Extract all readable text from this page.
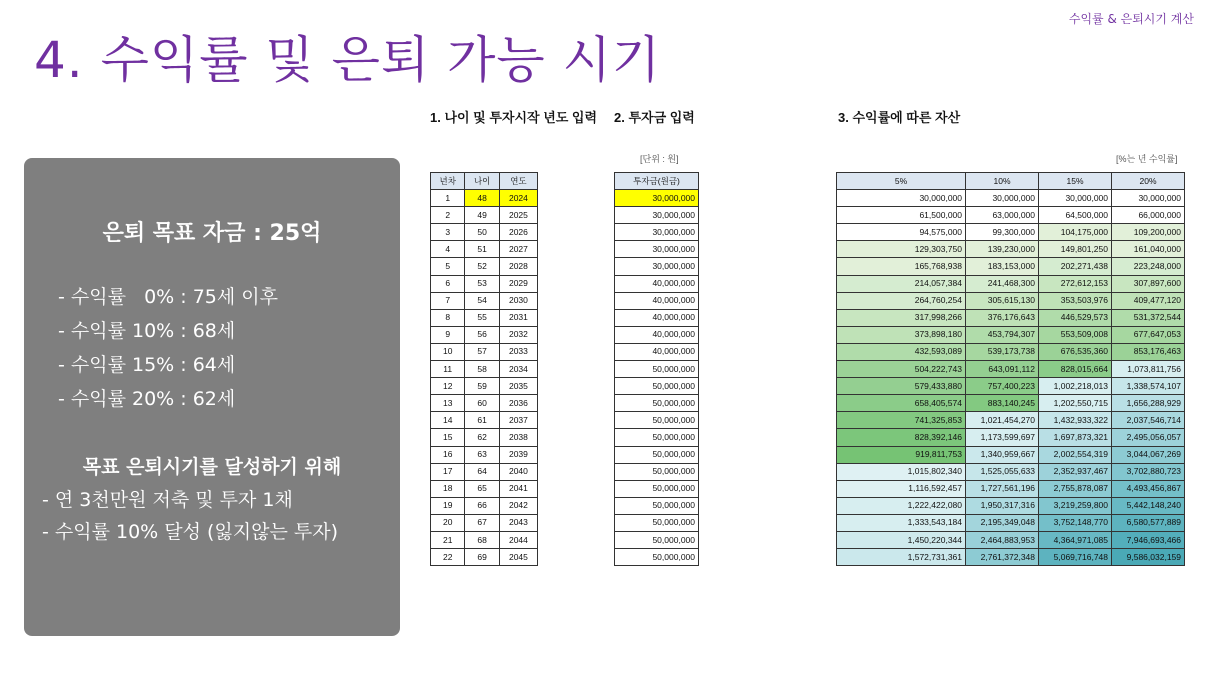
수익률 & 은퇴시기 계산
4. 수익률 및 은퇴 가능 시기
은퇴 목표 자금 : 25억
- 수익률   0% : 75세 이후
- 수익률 10% : 68세
- 수익률 15% : 64세
- 수익률 20% : 62세
목표 은퇴시기를 달성하기 위해
- 연 3천만원 저축 및 투자 1채
- 수익률 10% 달성 (잃지않는 투자)
1. 나이 및 투자시작 년도 입력 2. 투자금 입력	3. 수익률에 따른 자산
[단위 : 원]	[%는 년 수익률]
년차	나이	연도
1	48	2024
2	49	2025
3	50	2026
4	51	2027
5	52	2028
6	53	2029
7	54	2030
8	55	2031
9	56	2032
10	57	2033
11	58	2034
12	59	2035
13	60	2036
14	61	2037
15	62	2038
16	63	2039
17	64	2040
18	65	2041
19	66	2042
20	67	2043
21	68	2044
22	69	2045
투자금(원금)
30,000,000
30,000,000
30,000,000
30,000,000
30,000,000
40,000,000
40,000,000
40,000,000
40,000,000
40,000,000
50,000,000
50,000,000
50,000,000
50,000,000
50,000,000
50,000,000
50,000,000
50,000,000
50,000,000
50,000,000
50,000,000
50,000,000
5%	10%	15%	20%
30,000,000	30,000,000	30,000,000	30,000,000
61,500,000	63,000,000	64,500,000	66,000,000
94,575,000	99,300,000	104,175,000	109,200,000
129,303,750	139,230,000	149,801,250	161,040,000
165,768,938	183,153,000	202,271,438	223,248,000
214,057,384	241,468,300	272,612,153	307,897,600
264,760,254	305,615,130	353,503,976	409,477,120
317,998,266	376,176,643	446,529,573	531,372,544
373,898,180	453,794,307	553,509,008	677,647,053
432,593,089	539,173,738	676,535,360	853,176,463
504,222,743	643,091,112	828,015,664	1,073,811,756
579,433,880	757,400,223	1,002,218,013	1,338,574,107
658,405,574	883,140,245	1,202,550,715	1,656,288,929
741,325,853	1,021,454,270	1,432,933,322	2,037,546,714
828,392,146	1,173,599,697	1,697,873,321	2,495,056,057
919,811,753	1,340,959,667	2,002,554,319	3,044,067,269
1,015,802,340	1,525,055,633	2,352,937,467	3,702,880,723
1,116,592,457	1,727,561,196	2,755,878,087	4,493,456,867
1,222,422,080	1,950,317,316	3,219,259,800	5,442,148,240
1,333,543,184	2,195,349,048	3,752,148,770	6,580,577,889
1,450,220,344	2,464,883,953	4,364,971,085	7,946,693,466
1,572,731,361	2,761,372,348	5,069,716,748	9,586,032,159
